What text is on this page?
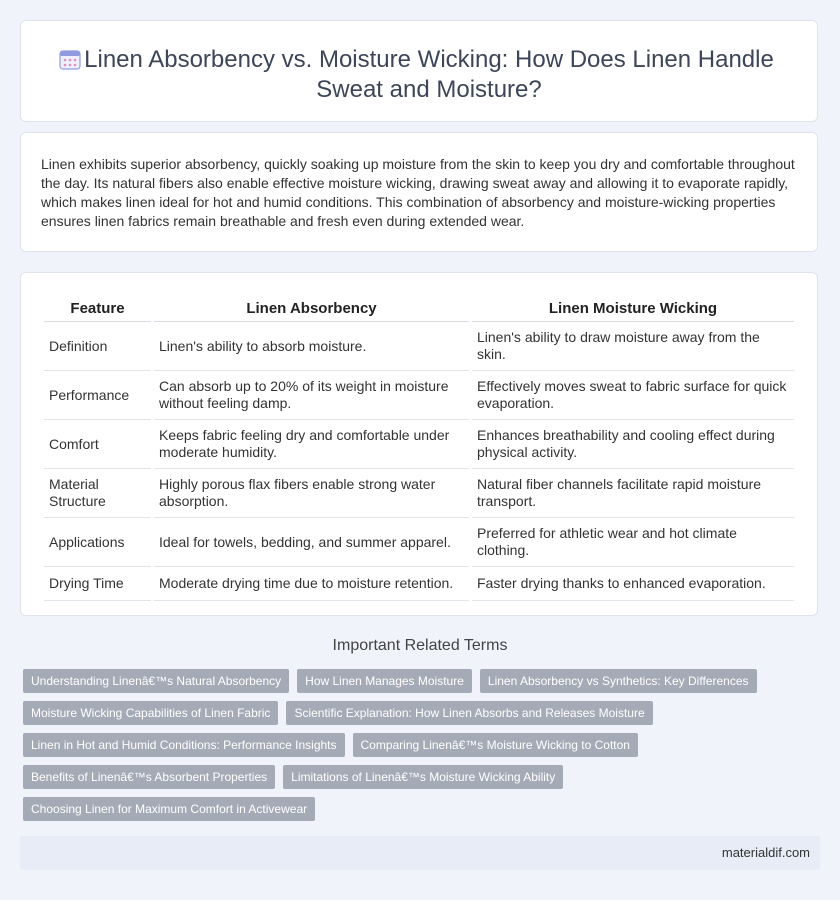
Linen Absorbency vs. Moisture Wicking: How Does Linen Handle Sweat and Moisture?

Linen exhibits superior absorbency, quickly soaking up moisture from the skin to keep you dry and comfortable throughout the day. Its natural fibers also enable effective moisture wicking, drawing sweat away and allowing it to evaporate rapidly, which makes linen ideal for hot and humid conditions. This combination of absorbency and moisture-wicking properties ensures linen fabrics remain breathable and fresh even during extended wear.

Feature	Linen Absorbency	Linen Moisture Wicking
Definition	Linen's ability to absorb moisture.	Linen's ability to draw moisture away from the skin.
Performance	Can absorb up to 20% of its weight in moisture without feeling damp.	Effectively moves sweat to fabric surface for quick evaporation.
Comfort	Keeps fabric feeling dry and comfortable under moderate humidity.	Enhances breathability and cooling effect during physical activity.
Material Structure	Highly porous flax fibers enable strong water absorption.	Natural fiber channels facilitate rapid moisture transport.
Applications	Ideal for towels, bedding, and summer apparel.	Preferred for athletic wear and hot climate clothing.
Drying Time	Moderate drying time due to moisture retention.	Faster drying thanks to enhanced evaporation.
Important Related Terms
Understanding Linenâ€™s Natural Absorbency	How Linen Manages Moisture	Linen Absorbency vs Synthetics: Key Differences
Moisture Wicking Capabilities of Linen Fabric	Scientific Explanation: How Linen Absorbs and Releases Moisture
Linen in Hot and Humid Conditions: Performance Insights	Comparing Linenâ€™s Moisture Wicking to Cotton
Benefits of Linenâ€™s Absorbent Properties	Limitations of Linenâ€™s Moisture Wicking Ability
Choosing Linen for Maximum Comfort in Activewear
materialdif.com
